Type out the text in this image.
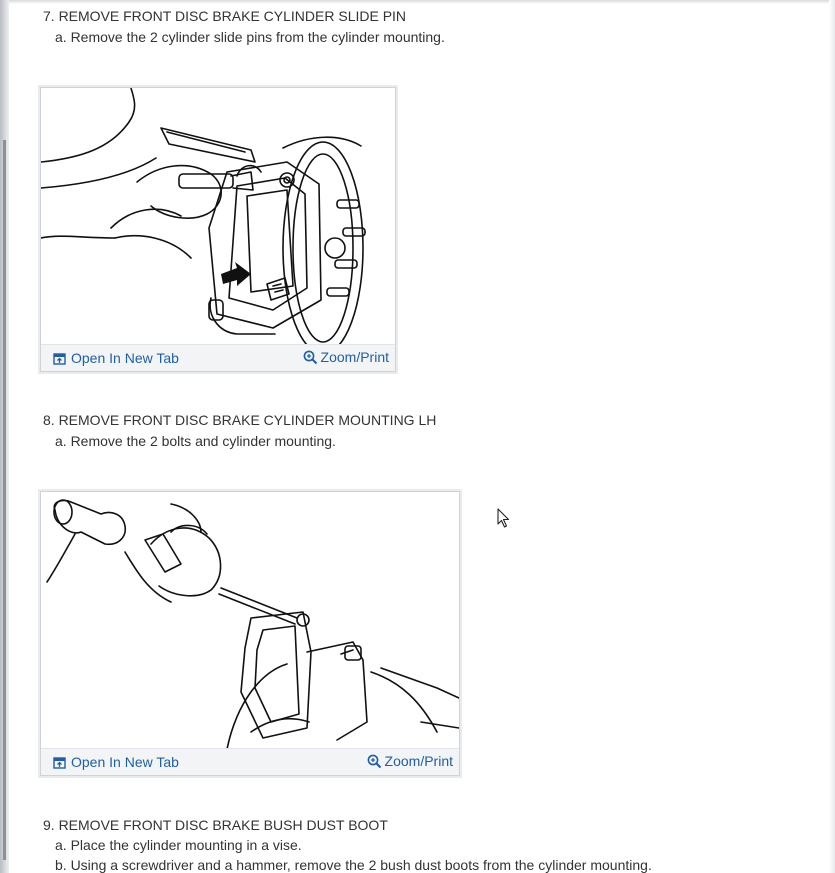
7. REMOVE FRONT DISC BRAKE CYLINDER SLIDE PIN
a. Remove the 2 cylinder slide pins from the cylinder mounting.
Open In New Tab	Zoom/Print
8. REMOVE FRONT DISC BRAKE CYLINDER MOUNTING LH
a. Remove the 2 bolts and cylinder mounting.
Open In New Tab	Zoom/Print
9. REMOVE FRONT DISC BRAKE BUSH DUST BOOT
a. Place the cylinder mounting in a vise.
b. Using a screwdriver and a hammer, remove the 2 bush dust boots from the cylinder mounting.
